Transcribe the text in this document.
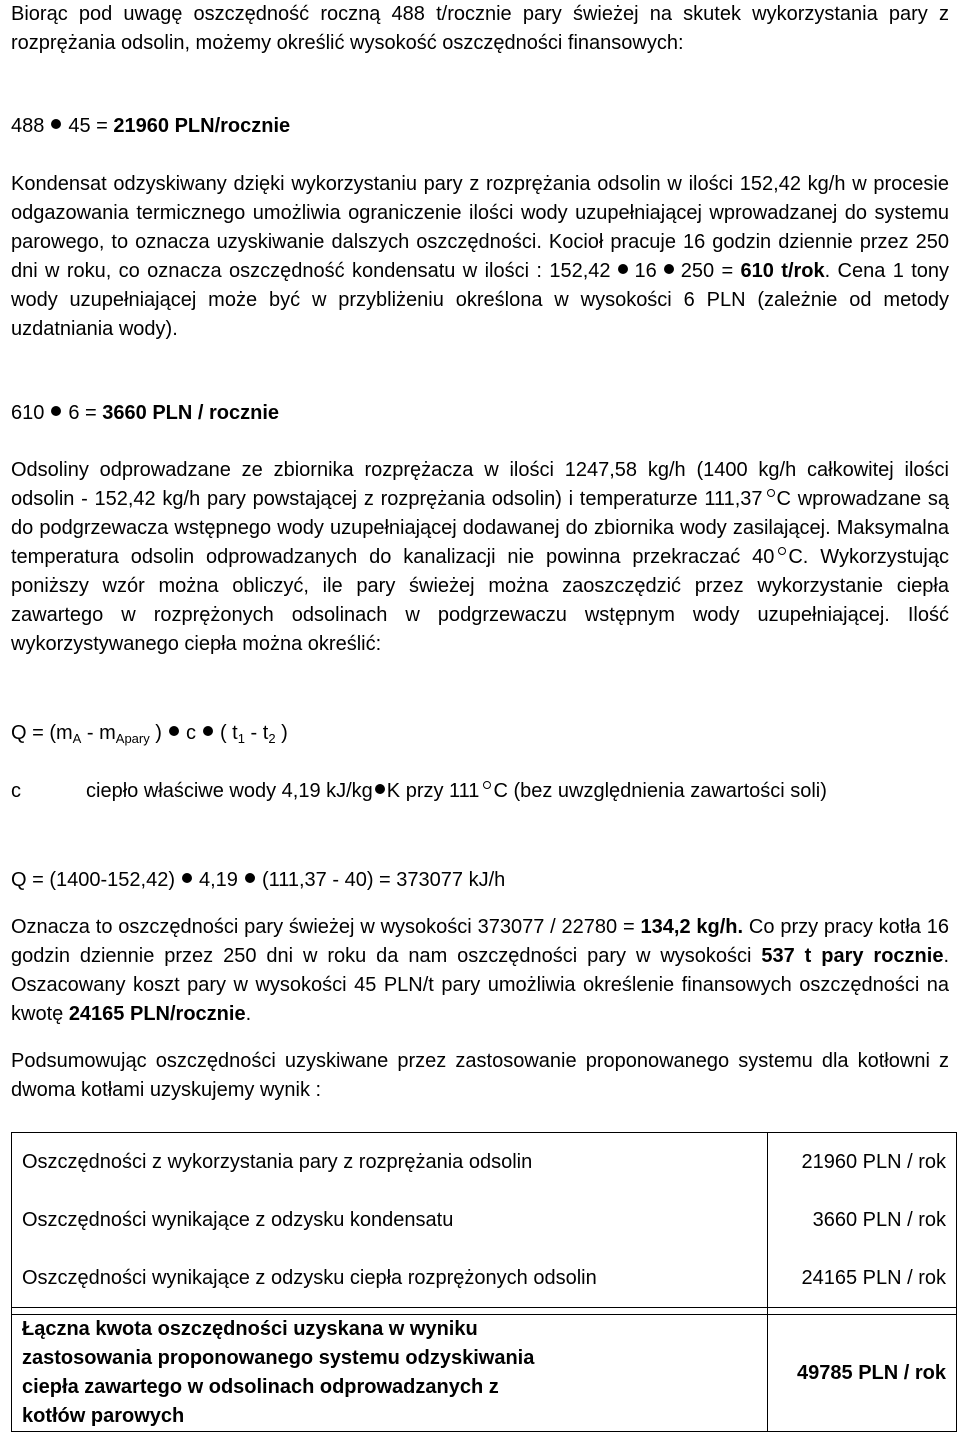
Biorąc pod uwagę oszczędność roczną 488 t/rocznie pary świeżej na skutek wykorzystania pary z rozprężania odsolin, możemy określić wysokość oszczędności finansowych:

488 45 = 21960 PLN/rocznie

Kondensat odzyskiwany dzięki wykorzystaniu pary z rozprężania odsolin w ilości 152,42 kg/h w procesie odgazowania termicznego umożliwia ograniczenie ilości wody uzupełniającej wprowadzanej do systemu parowego, to oznacza uzyskiwanie dalszych oszczędności. Kocioł pracuje 16 godzin dziennie przez 250 dni w roku, co oznacza oszczędność kondensatu w ilości : 152,42 16 250 = 610 t/rok. Cena 1 tony wody uzupełniającej może być w przybliżeniu określona w wysokości 6 PLN (zależnie od metody uzdatniania wody).

610 6 = 3660 PLN / rocznie

Odsoliny odprowadzane ze zbiornika rozprężacza w ilości 1247,58 kg/h (1400 kg/h całkowitej ilości odsolin - 152,42 kg/h pary powstającej z rozprężania odsolin) i temperaturze 111,37 C wprowadzane są do podgrzewacza wstępnego wody uzupełniającej dodawanej do zbiornika wody zasilającej. Maksymalna temperatura odsolin odprowadzanych do kanalizacji nie powinna przekraczać 40 C. Wykorzystując poniższy wzór można obliczyć, ile pary świeżej można zaoszczędzić przez wykorzystanie ciepła zawartego w rozprężonych odsolinach w podgrzewaczu wstępnym wody uzupełniającej. Ilość wykorzystywanego ciepła można określić:

$Q = (m_A - m_{Apary}$ ) c ( $t_1 - t_2$ )

c	ciepło właściwe wody 4,19 kJ/kg K przy 111 C (bez uwzględnienia zawartości soli)

Q = (1400-152,42) 4,19 (111,37 - 40) = 373077 kJ/h

Oznacza to oszczędności pary świeżej w wysokości 373077 / 22780 = 134,2 kg/h. Co przy pracy kotła 16 godzin dziennie przez 250 dni w roku da nam oszczędności pary w wysokości 537 t pary rocznie. Oszacowany koszt pary w wysokości 45 PLN/t pary umożliwia określenie finansowych oszczędności na kwotę 24165 PLN/rocznie.

Podsumowując oszczędności uzyskiwane przez zastosowanie proponowanego systemu dla kotłowni z dwoma kotłami uzyskujemy wynik :

Oszczędności z wykorzystania pary z rozprężania odsolin	21960 PLN / rok
Oszczędności wynikające z odzysku kondensatu	3660 PLN / rok
Oszczędności wynikające z odzysku ciepła rozprężonych odsolin	24165 PLN / rok

Łączna kwota oszczędności uzyskana w wyniku zastosowania proponowanego systemu odzyskiwania ciepła zawartego w odsolinach odprowadzanych z kotłów parowych	49785 PLN / rok
